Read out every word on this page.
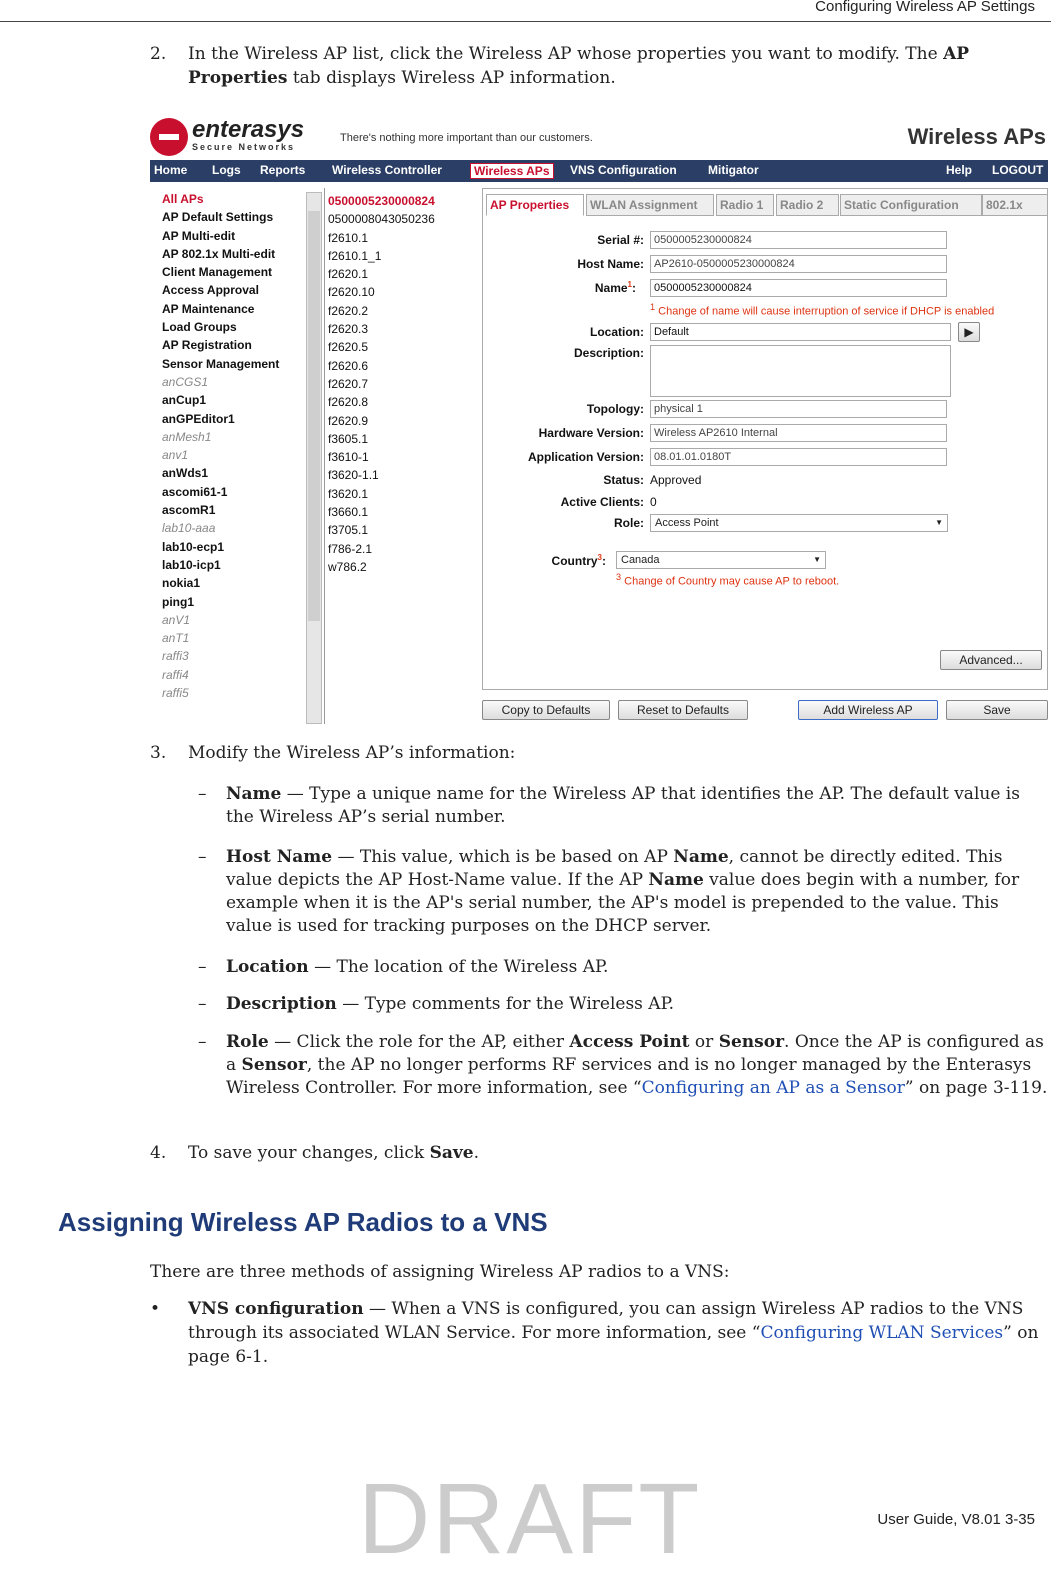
Configuring Wireless AP Settings
2.	In the Wireless AP list, click the Wireless AP whose properties you want to modify. The AP Properties tab displays Wireless AP information.
enterasys
Secure Networks
There's nothing more important than our customers.	Wireless APs
Home Logs Reports Wireless Controller	Wireless APs	VNS Configuration	Mitigator	Help LOGOUT
All APs
AP Default Settings
AP Multi-edit
AP 802.1x Multi-edit
Client Management
Access Approval
AP Maintenance
Load Groups
AP Registration
Sensor Management
anCGS1
anCup1
anGPEditor1
anMesh1
anv1
anWds1
ascomi61-1
ascomR1
lab10-aaa
lab10-ecp1
lab10-icp1
nokia1
ping1
anV1
anT1
raffi3
raffi4
raffi5
0500005230000824
0500008043050236
f2610.1
f2610.1_1
f2620.1
f2620.10
f2620.2
f2620.3
f2620.5
f2620.6
f2620.7
f2620.8
f2620.9
f3605.1
f3610-1
f3620-1.1
f3620.1
f3660.1
f3705.1
f786-2.1
w786.2
AP Properties	WLAN Assignment	Radio 1	Radio 2	Static Configuration	802.1x
Serial #: 0500005230000824
Host Name: AP2610-0500005230000824
Name$^1$:	0500005230000824
$^1$ Change of name will cause interruption of service if DHCP is enabled
Location: Default	▶
Description:
Topology: physical 1
Hardware Version: Wireless AP2610 Internal
Application Version: 08.01.01.0180T
Status: Approved
Active Clients: 0
Role:	Access Point ▼
Country$^3$:	Canada ▼
$^3$ Change of Country may cause AP to reboot.
Advanced...
Copy to Defaults	Reset to Defaults	Add Wireless AP	Save
3.	Modify the Wireless AP’s information:
– Name — Type a unique name for the Wireless AP that identifies the AP. The default value is the Wireless AP’s serial number.
– Host Name — This value, which is be based on AP Name, cannot be directly edited. This value depicts the AP Host-Name value. If the AP Name value does begin with a number, for example when it is the AP's serial number, the AP's model is prepended to the value. This value is used for tracking purposes on the DHCP server.
– Location — The location of the Wireless AP.
– Description — Type comments for the Wireless AP.
– Role — Click the role for the AP, either Access Point or Sensor. Once the AP is configured as a Sensor, the AP no longer performs RF services and is no longer managed by the Enterasys Wireless Controller. For more information, see “Configuring an AP as a Sensor” on page 3-119.
4.	To save your changes, click Save.
Assigning Wireless AP Radios to a VNS
There are three methods of assigning Wireless AP radios to a VNS:
• VNS configuration — When a VNS is configured, you can assign Wireless AP radios to the VNS through its associated WLAN Service. For more information, see “Configuring WLAN Services” on page 6-1.
User Guide, V8.01 3-35
DRAFT
